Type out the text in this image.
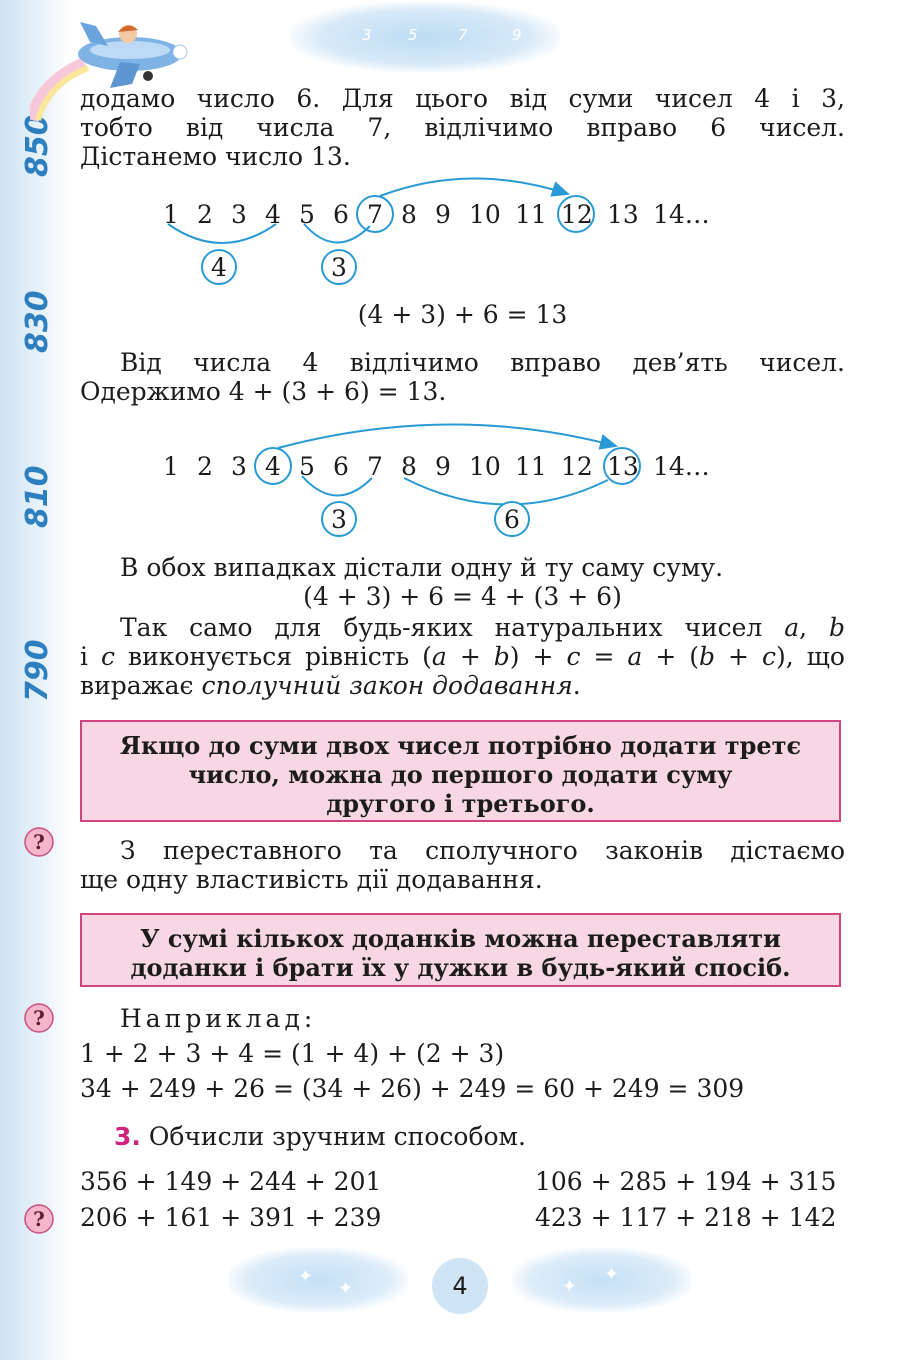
850
830
810
790
3 5	7	9
додамо число 6. Для цього від суми чисел 4 і 3,
тобто від числа 7, відлічимо вправо 6 чисел.
Дістанемо число 13.
1 2 3 4 5 6 7 8 9 10 11 12 13 14…
4	3
(4 + 3) + 6 = 13
Від числа 4 відлічимо вправо дев’ять чисел.
Одержимо 4 + (3 + 6) = 13.
1 2 3 4 5 6 7 8 9 10 11 12 13 14…
3	6
В обох випадках дістали одну й ту саму суму.
(4 + 3) + 6 = 4 + (3 + 6)
Так само для будь-яких натуральних чисел a, b
і c виконується рівність (a + b) + c = a + (b + c), що
виражає сполучний закон додавання.
Якщо до суми двох чисел потрібно додати третє
число, можна до першого додати суму
другого і третього.
?
?
?
З переставного та сполучного законів дістаємо
ще одну властивість дії додавання.
У сумі кількох доданків можна переставляти
доданки і брати їх у дужки в будь-який спосіб.
Наприклад:
1 + 2 + 3 + 4 = (1 + 4) + (2 + 3)
34 + 249 + 26 = (34 + 26) + 249 = 60 + 249 = 309
3. Обчисли зручним способом.
356 + 149 + 244 + 201	106 + 285 + 194 + 315
206 + 161 + 391 + 239	423 + 117 + 218 + 142
✦
✦	✦
✦
4
